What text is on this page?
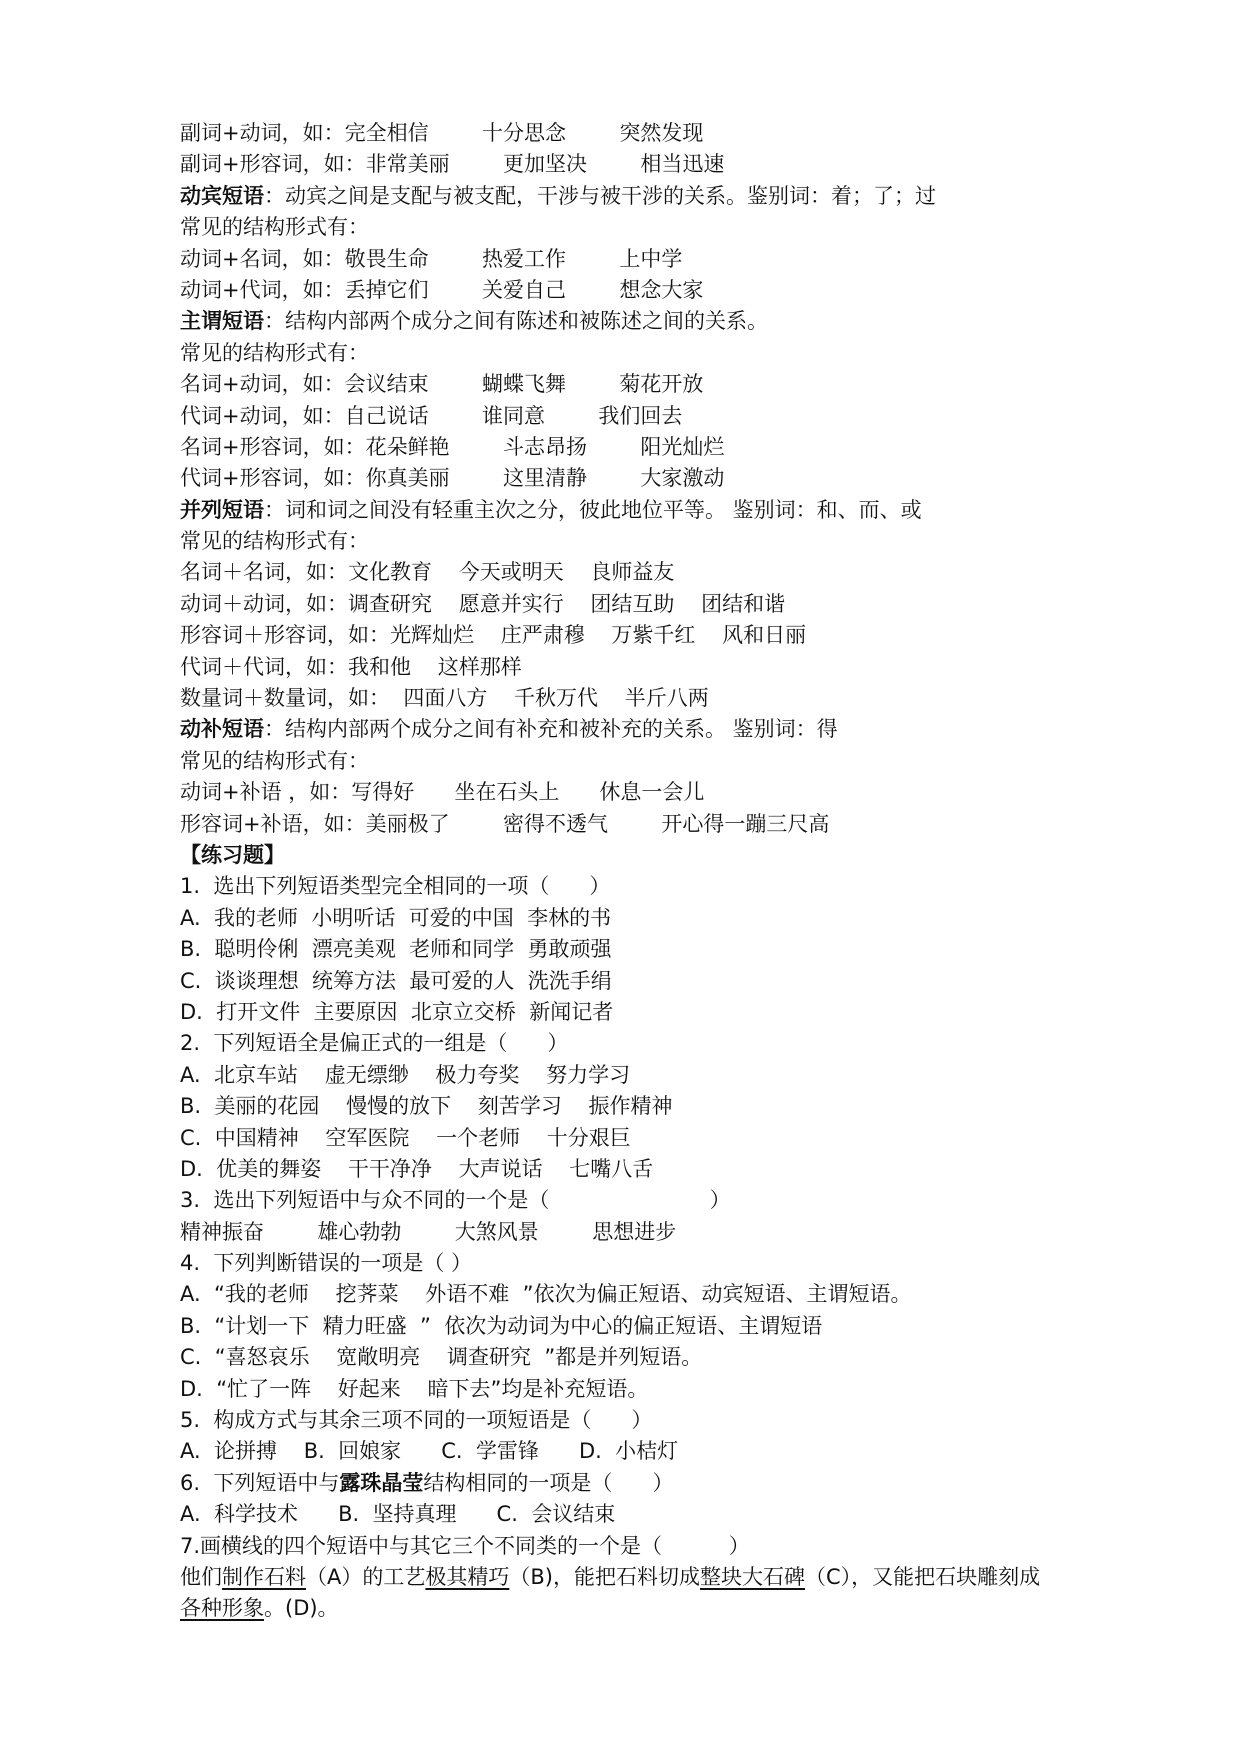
副词+动词，如：完全相信        十分思念        突然发现
副词+形容词，如：非常美丽        更加坚决        相当迅速
动宾短语：动宾之间是支配与被支配，干涉与被干涉的关系。鉴别词：着；了；过
常见的结构形式有：
动词+名词，如：敬畏生命        热爱工作        上中学
动词+代词，如：丢掉它们        关爱自己        想念大家
主谓短语：结构内部两个成分之间有陈述和被陈述之间的关系。
常见的结构形式有：
名词+动词，如：会议结束        蝴蝶飞舞        菊花开放
代词+动词，如：自己说话        谁同意        我们回去
名词+形容词，如：花朵鲜艳        斗志昂扬        阳光灿烂
代词+形容词，如：你真美丽        这里清静        大家激动
并列短语：词和词之间没有轻重主次之分，彼此地位平等。 鉴别词：和、而、或
常见的结构形式有：
名词＋名词，如：文化教育    今天或明天    良师益友
动词＋动词，如：调查研究    愿意并实行    团结互助    团结和谐
形容词＋形容词，如：光辉灿烂    庄严肃穆    万紫千红    风和日丽
代词＋代词，如：我和他    这样那样
数量词＋数量词，如：  四面八方    千秋万代    半斤八两
动补短语：结构内部两个成分之间有补充和被补充的关系。 鉴别词：得
常见的结构形式有：
动词+补语 ，如：写得好      坐在石头上      休息一会儿
形容词+补语，如：美丽极了        密得不透气        开心得一蹦三尺高
【练习题】
1.  选出下列短语类型完全相同的一项（      ）
A.  我的老师  小明听话  可爱的中国  李林的书
B.  聪明伶俐  漂亮美观  老师和同学  勇敢顽强
C.  谈谈理想  统筹方法  最可爱的人  洗洗手绢
D.  打开文件  主要原因  北京立交桥  新闻记者
2.  下列短语全是偏正式的一组是（      ）
A.  北京车站    虚无缥缈    极力夸奖    努力学习
B.  美丽的花园    慢慢的放下    刻苦学习    振作精神
C.  中国精神    空军医院    一个老师    十分艰巨
D.  优美的舞姿    干干净净    大声说话    七嘴八舌
3.  选出下列短语中与众不同的一个是（                        ）
精神振奋        雄心勃勃        大煞风景        思想进步
4.  下列判断错误的一项是（ ）
A.  “我的老师    挖荠菜    外语不难  ”依次为偏正短语、动宾短语、主谓短语。
B.  “计划一下  精力旺盛  ”  依次为动词为中心的偏正短语、主谓短语
C.  “喜怒哀乐    宽敞明亮    调查研究  ”都是并列短语。
D.  “忙了一阵    好起来    暗下去”均是补充短语。
5.  构成方式与其余三项不同的一项短语是（      ）
A.  论拼搏    B.  回娘家      C.  学雷锋      D.  小桔灯
6.  下列短语中与露珠晶莹结构相同的一项是（      ）
A.  科学技术      B.  坚持真理      C.  会议结束
7.画横线的四个短语中与其它三个不同类的一个是（          ）
他们制作石料（A）的工艺极其精巧（B)，能把石料切成整块大石碑（C），又能把石块雕刻成
各种形象。(D)。
